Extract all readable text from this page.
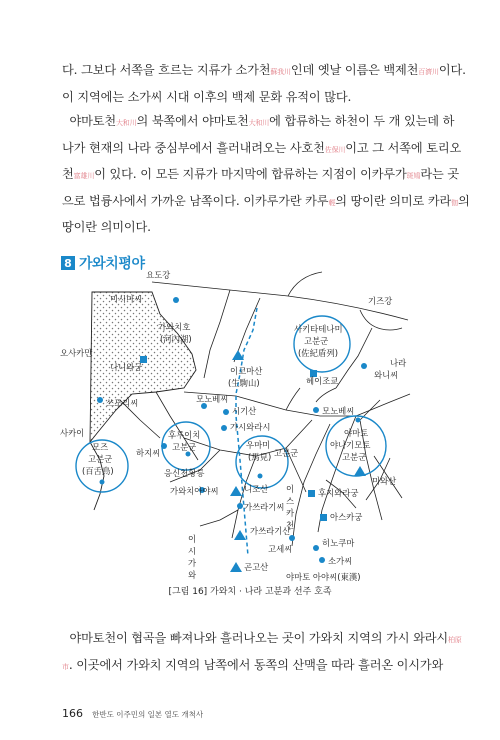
다. 그보다 서쪽을 흐르는 지류가 소가천蘇我川인데 옛날 이름은 백제천百濟川이다.

이 지역에는 소가씨 시대 이후의 백제 문화 유적이 많다.

야마토천大和川의 북쪽에서 야마토천大和川에 합류하는 하천이 두 개 있는데 하

나가 현재의 나라 중심부에서 흘러내려오는 사호천佐保川이고 그 서쪽에 토리오

천富雄川이 있다. 이 모든 지류가 마지막에 합류하는 지점이 이카루가斑鳩라는 곳

으로 법륭사에서 가까운 남쪽이다. 이카루가란 카루輕의 땅이란 의미로 카라伽의

땅이란 의미이다.

8 가와치평야
요도강
미시마씨	기즈강
가와치호
(河內湖)
사키타테나미
고분군
(佐紀盾列)
오사카만
나니와궁	이코마산
(生駒山)
나라
와니씨
헤이조쿄
쓰모리씨	모노베씨
시기산
가시와라시
모노베씨
사카이
모즈
고분군
(百舌鳥)
후루이치
고분군
하지씨
응신천황릉
우마미
(馬見) 고분군
야마토
야나기모토
고분군
미와산
가와치아야씨	니조산 이
스
카
천
후지와라궁
가쓰라기씨
가쓰라기산
아스카궁
고세씨
히노쿠마
소가씨
이
시
가
와
곤고산
야마토 아야씨(東漢)
[그림 16] 가와치 · 나라 고분과 선주 호족

야마토천이 협곡을 빠져나와 흘러나오는 곳이 가와치 지역의 가시 와라시柏原

市. 이곳에서 가와치 지역의 남쪽에서 동쪽의 산맥을 따라 흘러온 이시가와

166 한반도 이주민의 일본 열도 개척사
